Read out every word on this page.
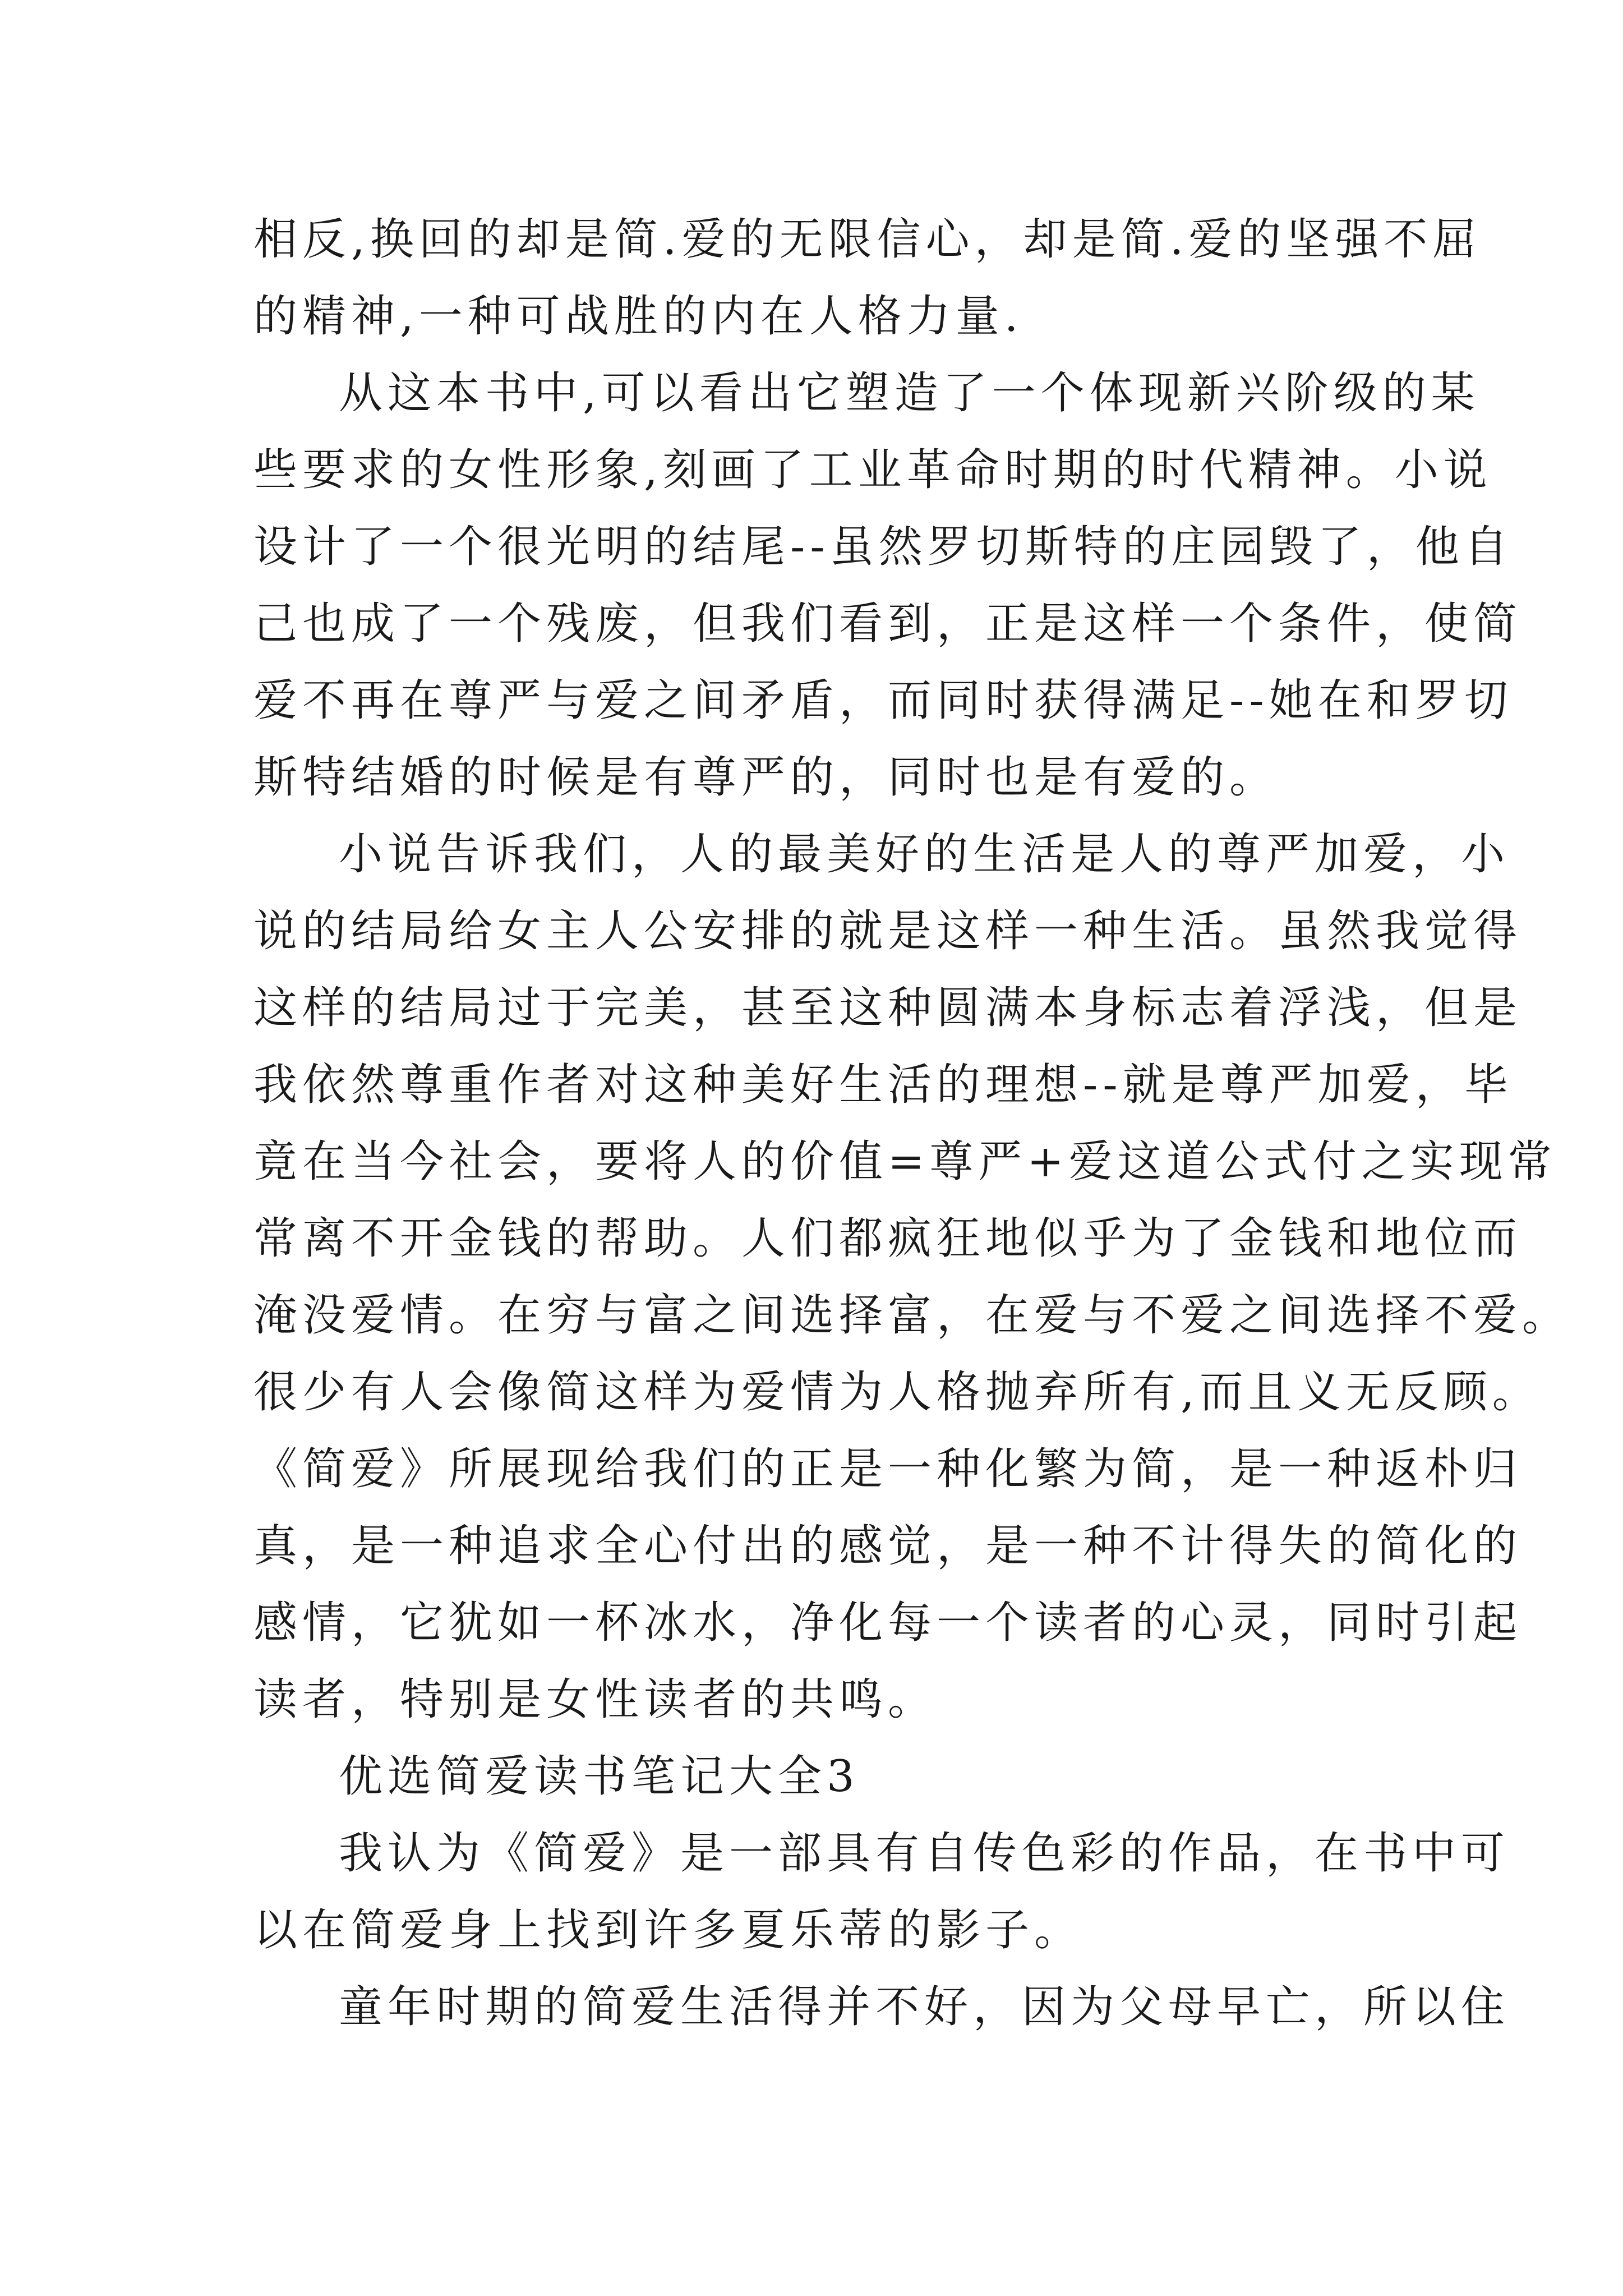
相反,换回的却是简.爱的无限信心，却是简.爱的坚强不屈

的精神,一种可战胜的内在人格力量.

从这本书中,可以看出它塑造了一个体现新兴阶级的某

些要求的女性形象,刻画了工业革命时期的时代精神。小说

设计了一个很光明的结尾--虽然罗切斯特的庄园毁了，他自

己也成了一个残废，但我们看到，正是这样一个条件，使简

爱不再在尊严与爱之间矛盾，而同时获得满足--她在和罗切

斯特结婚的时候是有尊严的，同时也是有爱的。

小说告诉我们，人的最美好的生活是人的尊严加爱，小

说的结局给女主人公安排的就是这样一种生活。虽然我觉得

这样的结局过于完美，甚至这种圆满本身标志着浮浅，但是

我依然尊重作者对这种美好生活的理想--就是尊严加爱，毕

竟在当今社会，要将人的价值=尊严+爱这道公式付之实现常

常离不开金钱的帮助。人们都疯狂地似乎为了金钱和地位而

淹没爱情。在穷与富之间选择富，在爱与不爱之间选择不爱。

很少有人会像简这样为爱情为人格抛弃所有,而且义无反顾。

《简爱》所展现给我们的正是一种化繁为简，是一种返朴归

真，是一种追求全心付出的感觉，是一种不计得失的简化的

感情，它犹如一杯冰水，净化每一个读者的心灵，同时引起

读者，特别是女性读者的共鸣。

优选简爱读书笔记大全3

我认为《简爱》是一部具有自传色彩的作品，在书中可

以在简爱身上找到许多夏乐蒂的影子。

童年时期的简爱生活得并不好，因为父母早亡，所以住
